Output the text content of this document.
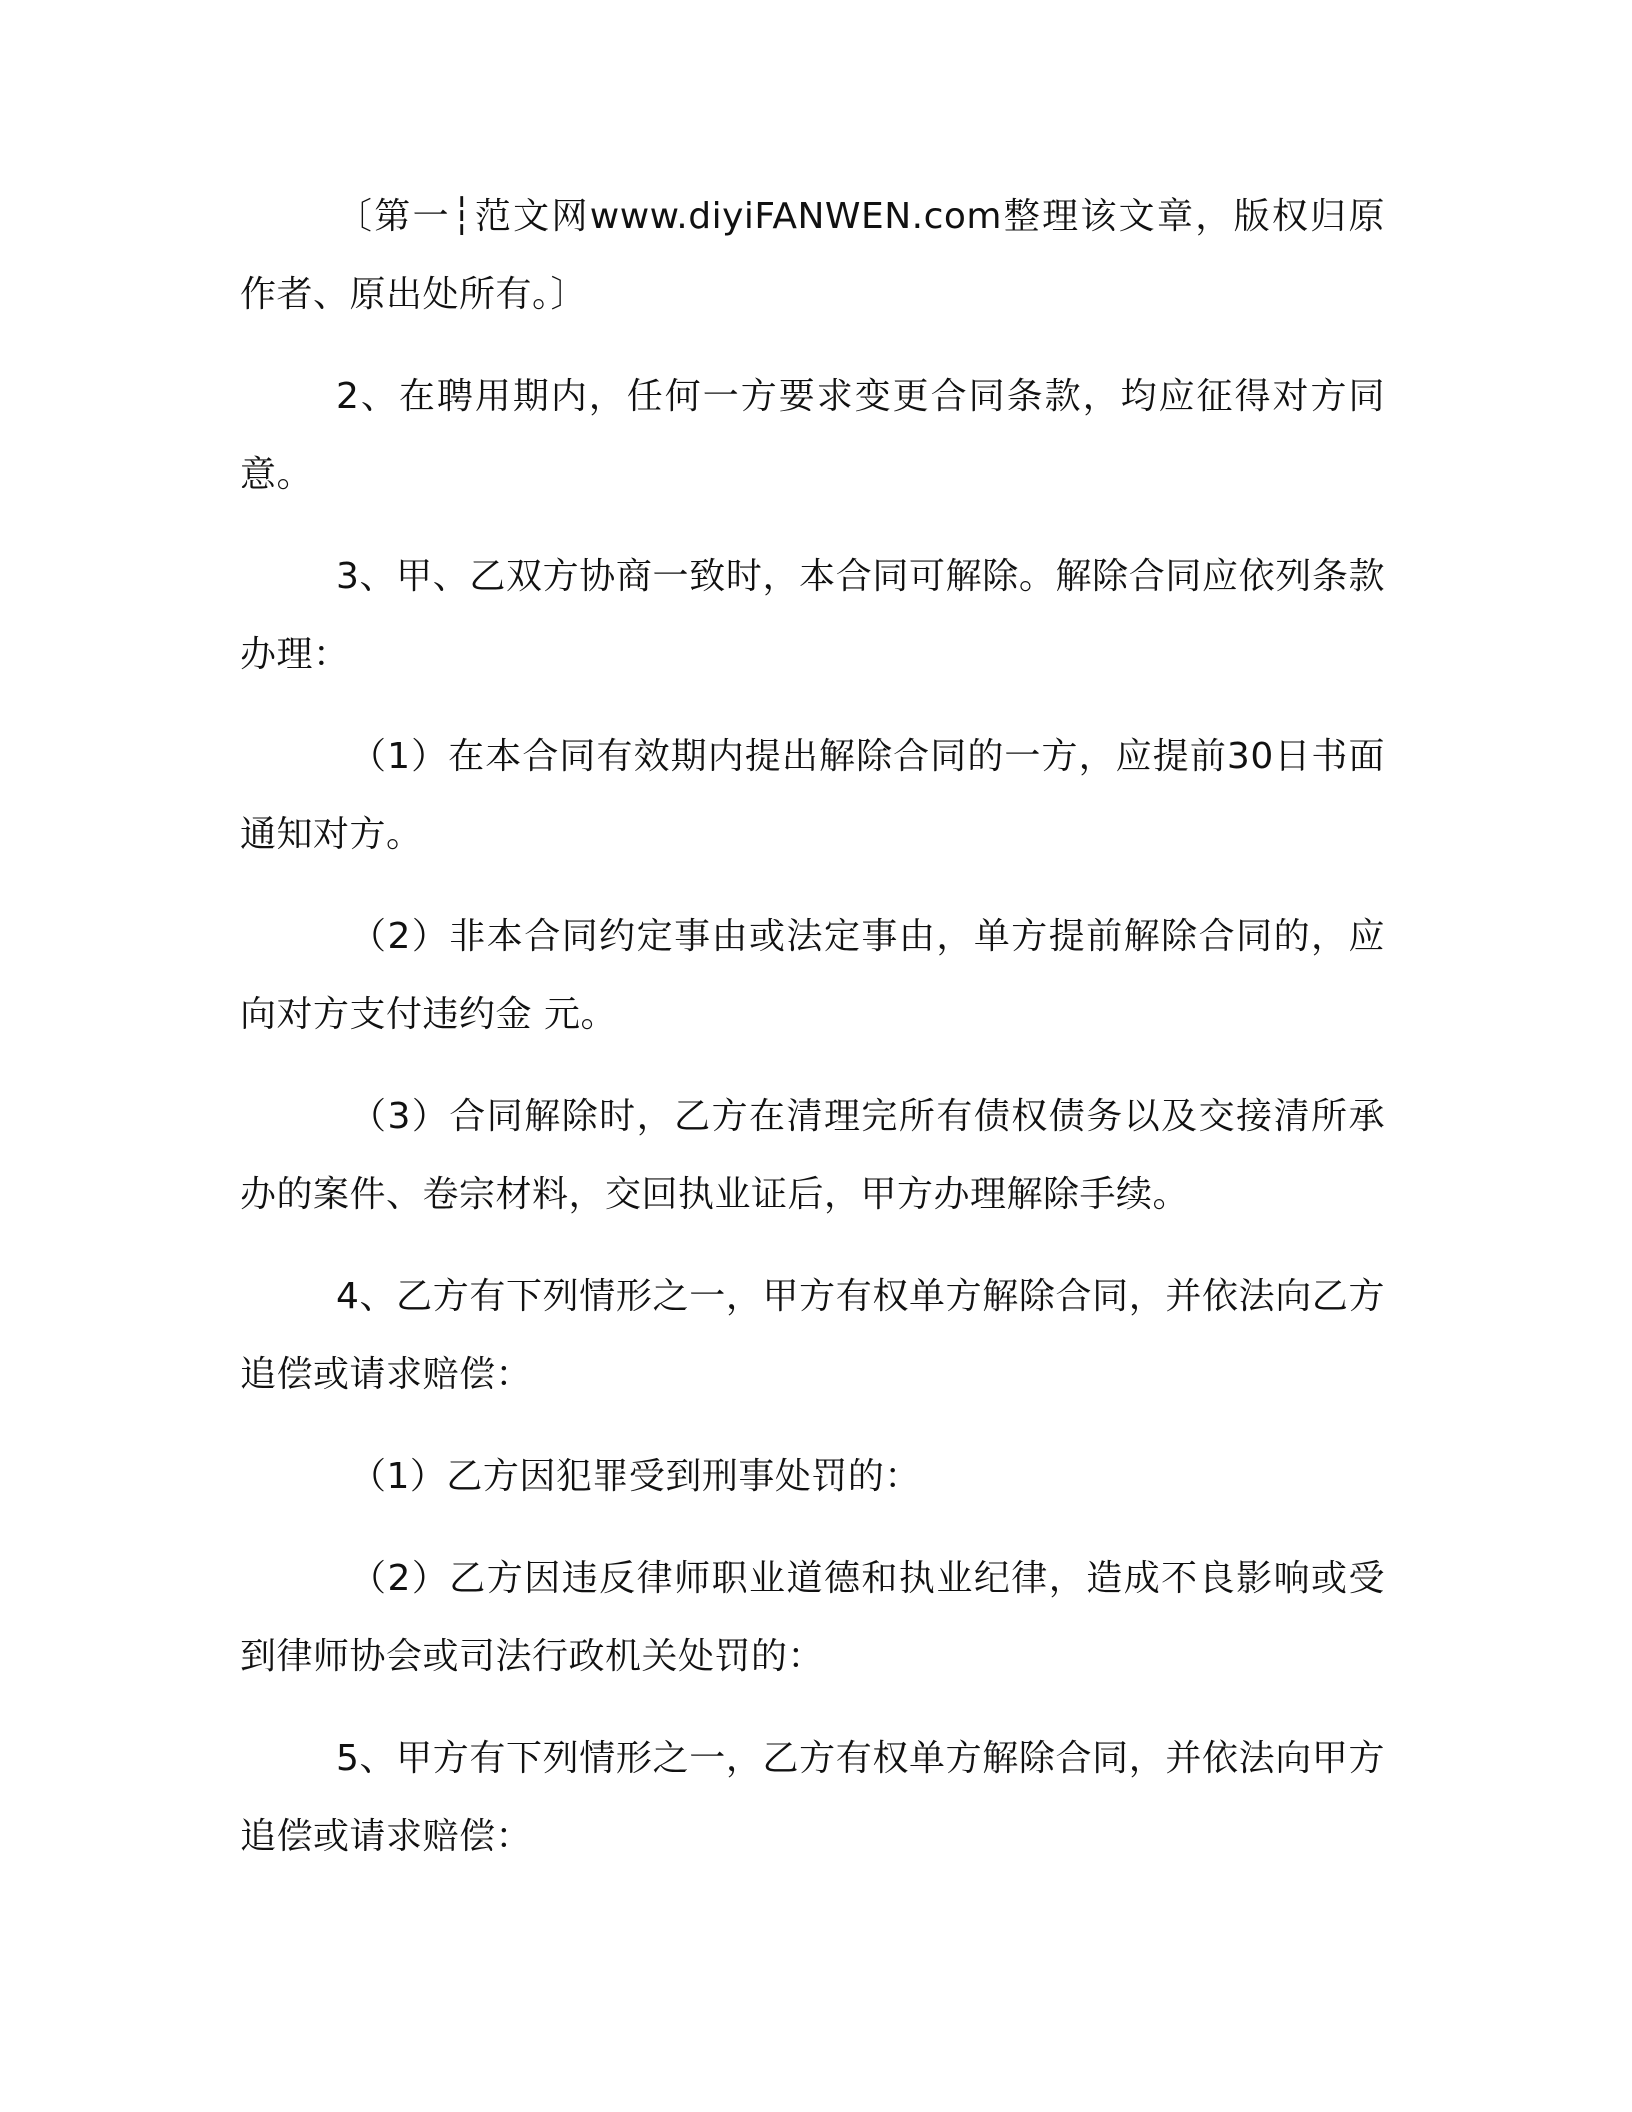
〔第一┆范文网www.diyiFANWEN.com整理该文章，版权归原作者、原出处所有。〕

2、在聘用期内，任何一方要求变更合同条款，均应征得对方同意。

3、甲、乙双方协商一致时，本合同可解除。解除合同应依列条款办理：

（1）在本合同有效期内提出解除合同的一方，应提前30日书面通知对方。

（2）非本合同约定事由或法定事由，单方提前解除合同的，应向对方支付违约金 元。

（3）合同解除时，乙方在清理完所有债权债务以及交接清所承办的案件、卷宗材料，交回执业证后，甲方办理解除手续。

4、乙方有下列情形之一，甲方有权单方解除合同，并依法向乙方追偿或请求赔偿：

（1）乙方因犯罪受到刑事处罚的：

（2）乙方因违反律师职业道德和执业纪律，造成不良影响或受到律师协会或司法行政机关处罚的：

5、甲方有下列情形之一，乙方有权单方解除合同，并依法向甲方追偿或请求赔偿：
